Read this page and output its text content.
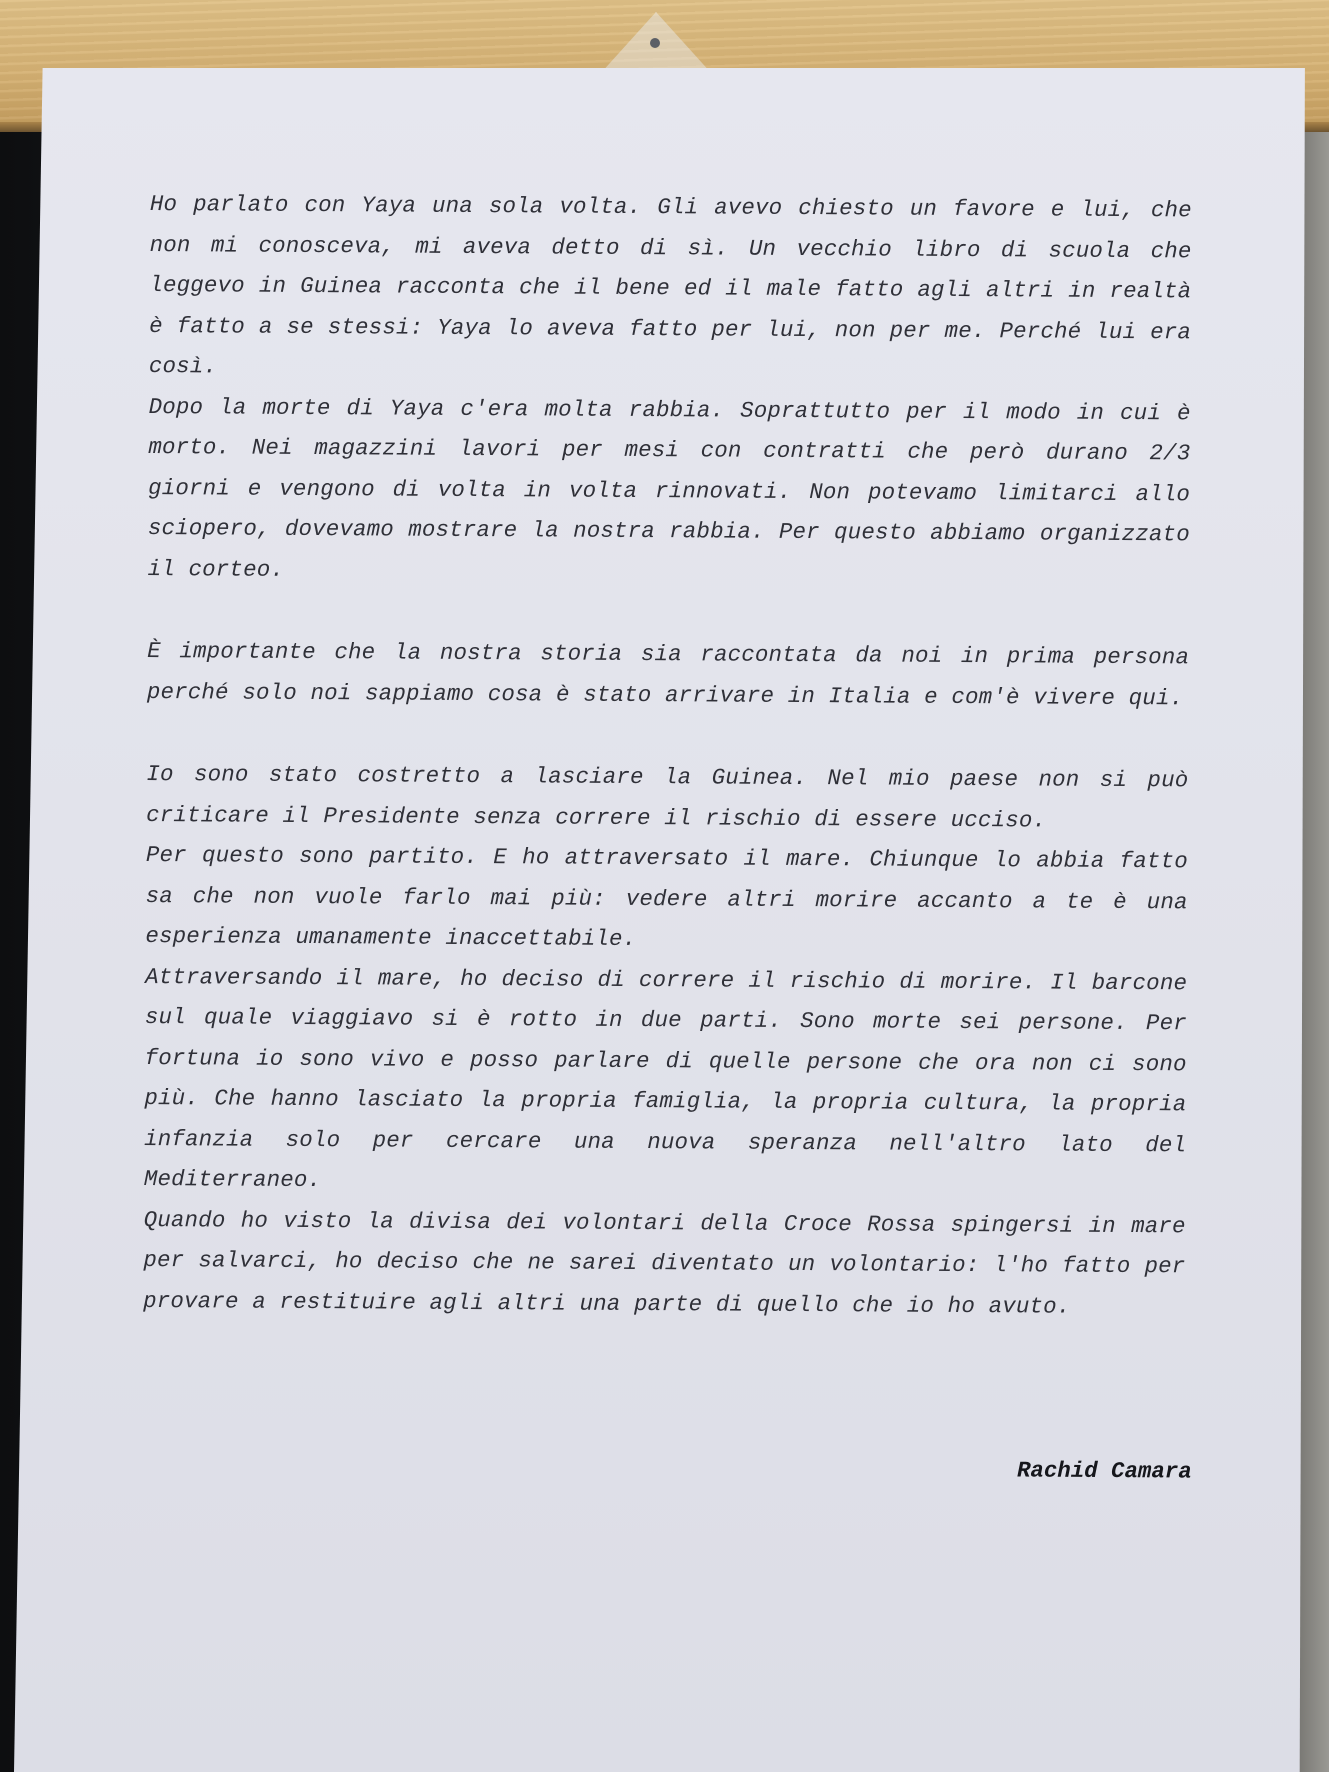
Ho parlato con Yaya una sola volta. Gli avevo chiesto un favore e lui, che non mi conosceva, mi aveva detto di sì. Un vecchio libro di scuola che leggevo in Guinea racconta che il bene ed il male fatto agli altri in realtà è fatto a se stessi: Yaya lo aveva fatto per lui, non per me. Perché lui era così.

Dopo la morte di Yaya c'era molta rabbia. Soprattutto per il modo in cui è morto. Nei magazzini lavori per mesi con contratti che però durano 2/3 giorni e vengono di volta in volta rinnovati. Non potevamo limitarci allo sciopero, dovevamo mostrare la nostra rabbia. Per questo abbiamo organizzato il corteo.

È importante che la nostra storia sia raccontata da noi in prima persona perché solo noi sappiamo cosa è stato arrivare in Italia e com'è vivere qui.

Io sono stato costretto a lasciare la Guinea. Nel mio paese non si può criticare il Presidente senza correre il rischio di essere ucciso.

Per questo sono partito. E ho attraversato il mare. Chiunque lo abbia fatto sa che non vuole farlo mai più: vedere altri morire accanto a te è una esperienza umanamente inaccettabile.

Attraversando il mare, ho deciso di correre il rischio di morire. Il barcone sul quale viaggiavo si è rotto in due parti. Sono morte sei persone. Per fortuna io sono vivo e posso parlare di quelle persone che ora non ci sono più. Che hanno lasciato la propria famiglia, la propria cultura, la propria infanzia solo per cercare una nuova speranza nell'altro lato del Mediterraneo.

Quando ho visto la divisa dei volontari della Croce Rossa spingersi in mare per salvarci, ho deciso che ne sarei diventato un volontario: l'ho fatto per provare a restituire agli altri una parte di quello che io ho avuto.

Rachid Camara
